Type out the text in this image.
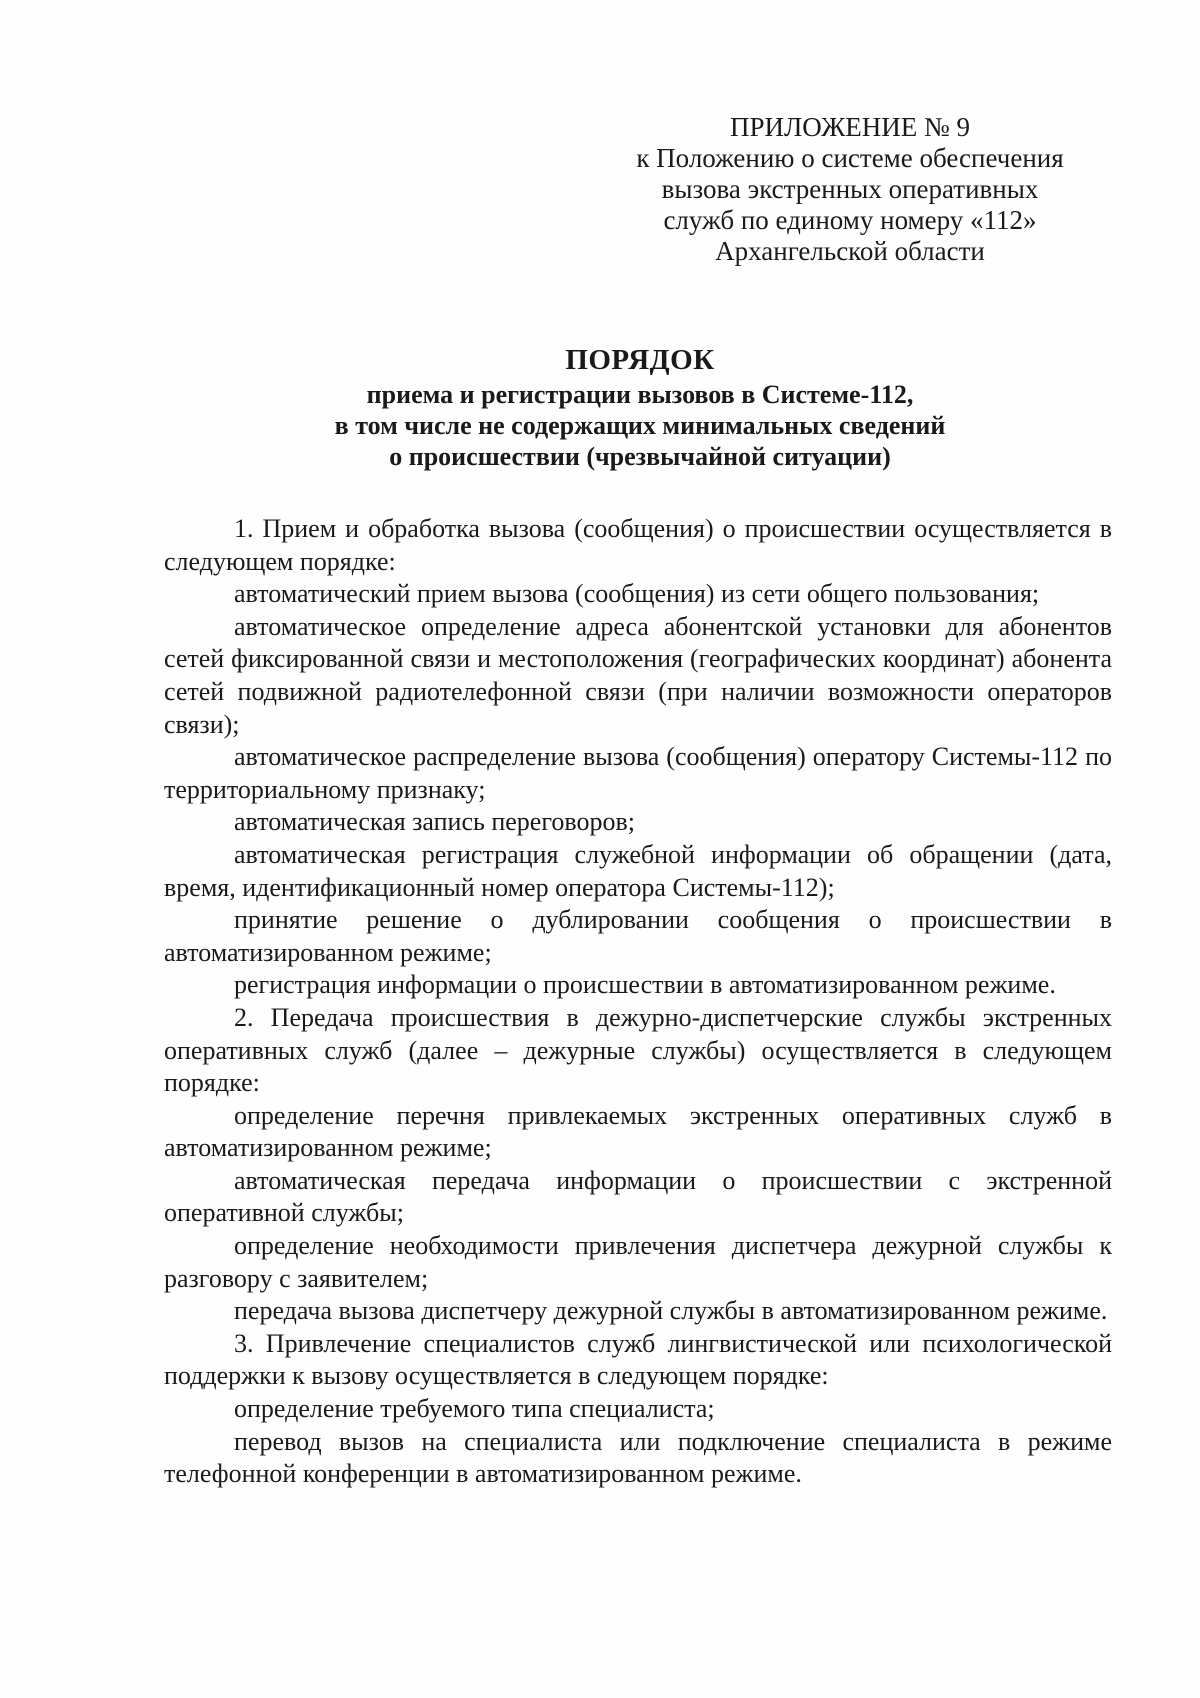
ПРИЛОЖЕНИЕ № 9
к Положению о системе обеспечения
вызова экстренных оперативных
служб по единому номеру «112»
Архангельской области
ПОРЯДОК
приема и регистрации вызовов в Системе-112,
в том числе не содержащих минимальных сведений
о происшествии (чрезвычайной ситуации)

1. Прием и обработка вызова (сообщения) о происшествии осуществляется в следующем порядке:

автоматический прием вызова (сообщения) из сети общего пользования;

автоматическое определение адреса абонентской установки для абонентов сетей фиксированной связи и местоположения (географических координат) абонента сетей подвижной радиотелефонной связи (при наличии возможности операторов связи);

автоматическое распределение вызова (сообщения) оператору Системы-112 по территориальному признаку;

автоматическая запись переговоров;

автоматическая регистрация служебной информации об обращении (дата, время, идентификационный номер оператора Системы-112);

принятие решение о дублировании сообщения о происшествии в автоматизированном режиме;

регистрация информации о происшествии в автоматизированном режиме.

2. Передача происшествия в дежурно-диспетчерские службы экстренных оперативных служб (далее – дежурные службы) осуществляется в следующем порядке:

определение перечня привлекаемых экстренных оперативных служб в автоматизированном режиме;

автоматическая передача информации о происшествии с экстренной оперативной службы;

определение необходимости привлечения диспетчера дежурной службы к разговору с заявителем;

передача вызова диспетчеру дежурной службы в автоматизированном режиме.

3. Привлечение специалистов служб лингвистической или психологической поддержки к вызову осуществляется в следующем порядке:

определение требуемого типа специалиста;

перевод вызов на специалиста или подключение специалиста в режиме телефонной конференции в автоматизированном режиме.
